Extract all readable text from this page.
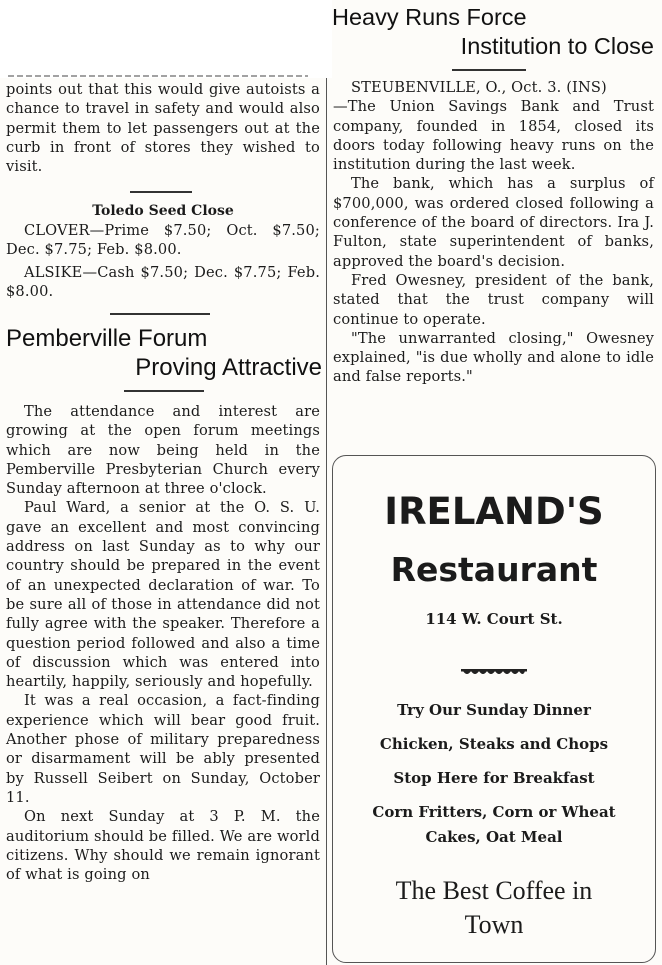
points out that this would give autoists a chance to travel in safety and would also permit them to let passengers out at the curb in front of stores they wished to visit.

Toledo Seed Close

CLOVER—Prime $7.50; Oct. $7.50; Dec. $7.75; Feb. $8.00.

ALSIKE—Cash $7.50; Dec. $7.75; Feb. $8.00.

Pemberville Forum
Proving Attractive

The attendance and interest are growing at the open forum meetings which are now being held in the Pemberville Presbyterian Church every Sunday afternoon at three o'clock.

Paul Ward, a senior at the O. S. U. gave an excellent and most convincing address on last Sunday as to why our country should be prepared in the event of an unexpected declaration of war. To be sure all of those in attendance did not fully agree with the speaker. Therefore a question period followed and also a time of discussion which was entered into heartily, happily, seriously and hopefully.

It was a real occasion, a fact-finding experience which will bear good fruit. Another phose of military preparedness or disarmament will be ably presented by Russell Seibert on Sunday, October 11.

On next Sunday at 3 P. M. the auditorium should be filled. We are world citizens. Why should we remain ignorant of what is going on

Heavy Runs Force
Institution to Close

STEUBENVILLE, O., Oct. 3. (INS)

—The Union Savings Bank and Trust company, founded in 1854, closed its doors today following heavy runs on the institution during the last week.

The bank, which has a surplus of $700,000, was ordered closed following a conference of the board of directors. Ira J. Fulton, state superintendent of banks, approved the board's decision.

Fred Owesney, president of the bank, stated that the trust company will continue to operate.

"The unwarranted closing," Owesney explained, "is due wholly and alone to idle and false reports."

IRELAND'S

Restaurant

114 W. Court St.

Try Our Sunday Dinner

Chicken, Steaks and Chops

Stop Here for Breakfast

Corn Fritters, Corn or Wheat

Cakes, Oat Meal

The Best Coffee in

Town
